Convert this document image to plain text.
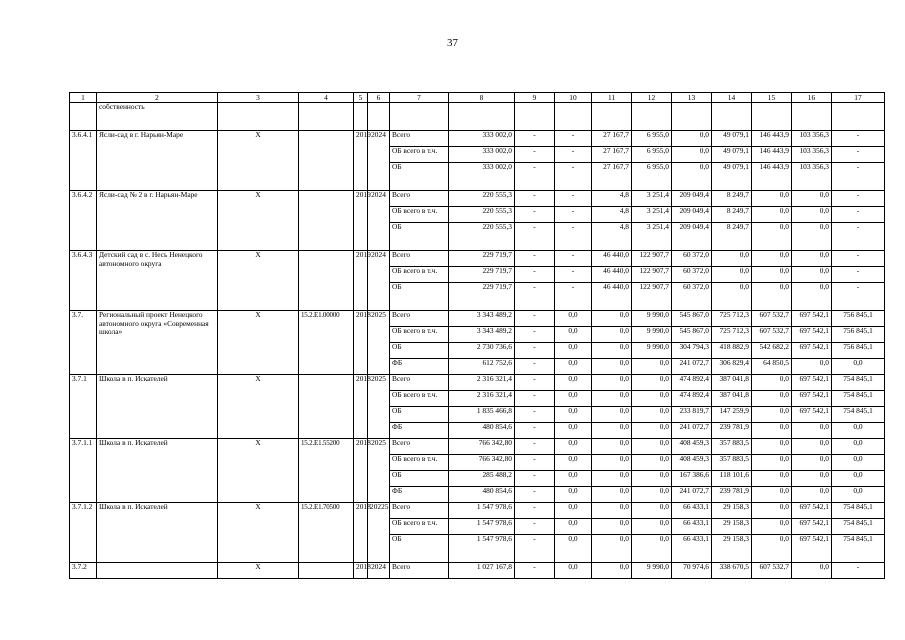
37
1	2	3	4	5	6	7	8	9	10	11	12	13	14	15	16	17
	собственность															
3.6.4.1	Ясли-сад в г. Нарьян-Маре	Х		2019	2024	Всего	333 002,0	-	-	27 167,7	6 955,0	0,0	49 079,1	146 443,9	103 356,3	-
						ОБ всего в т.ч.	333 002,0	-	-	27 167,7	6 955,0	0,0	49 079,1	146 443,9	103 356,3	-
						ОБ	333 002,0	-	-	27 167,7	6 955,0	0,0	49 079,1	146 443,9	103 356,3	-
3.6.4.2	Ясли-сад № 2 в г. Нарьян-Маре	Х		2019	2024	Всего	220 555,3	-	-	4,8	3 251,4	209 049,4	8 249,7	0,0	0,0	-
						ОБ всего в т.ч.	220 555,3	-	-	4,8	3 251,4	209 049,4	8 249,7	0,0	0,0	-
						ОБ	220 555,3	-	-	4,8	3 251,4	209 049,4	8 249,7	0,0	0,0	-
3.6.4.3	Детский сад в с. Несь Ненецкого автономного округа	Х		2019	2024	Всего	229 719,7	-	-	46 440,0	122 907,7	60 372,0	0,0	0,0	0,0	-
						ОБ всего в т.ч.	229 719,7	-	-	46 440,0	122 907,7	60 372,0	0,0	0,0	0,0	-
						ОБ	229 719,7	-	-	46 440,0	122 907,7	60 372,0	0,0	0,0	0,0	-
3.7.	Региональный проект Ненецкого автономного округа «Современная школа»	Х	15.2.Е1.00000	2018	2025	Всего	3 343 489,2	-	0,0	0,0	9 990,0	545 867,0	725 712,3	607 532,7	697 542,1	756 845,1
						ОБ всего в т.ч.	3 343 489,2	-	0,0	0,0	9 990,0	545 867,0	725 712,3	607 532,7	697 542,1	756 845,1
						ОБ	2 730 736,6	-	0,0	0,0	9 990,0	304 794,3	418 882,9	542 682,2	697 542,1	756 845,1
						ФБ	612 752,6	-	0,0	0,0	0,0	241 072,7	306 829,4	64 850,5	0,0	0,0
3.7.1	Школа в п. Искателей	Х		2018	2025	Всего	2 316 321,4	-	0,0	0,0	0,0	474 892,4	387 041,8	0,0	697 542,1	754 845,1
						ОБ всего в т.ч.	2 316 321,4	-	0,0	0,0	0,0	474 892,4	387 041,8	0,0	697 542,1	754 845,1
						ОБ	1 835 466,8	-	0,0	0,0	0,0	233 819,7	147 259,9	0,0	697 542,1	754 845,1
						ФБ	480 854,6	-	0,0	0,0	0,0	241 072,7	239 781,9	0,0	0,0	0,0
3.7.1.1	Школа в п. Искателей	Х	15.2.Е1.55200	2018	2025	Всего	766 342,80	-	0,0	0,0	0,0	408 459,3	357 883,5	0,0	0,0	0,0
						ОБ всего в т.ч.	766 342,80	-	0,0	0,0	0,0	408 459,3	357 883,5	0,0	0,0	0,0
						ОБ	285 488,2	-	0,0	0,0	0,0	167 386,6	118 101,6	0,0	0,0	0,0
						ФБ	480 854,6	-	0,0	0,0	0,0	241 072,7	239 781,9	0,0	0,0	0,0
3.7.1.2	Школа в п. Искателей	Х	15.2.Е1.70500	2018	20225	Всего	1 547 978,6	-	0,0	0,0	0,0	66 433,1	29 158,3	0,0	697 542,1	754 845,1
						ОБ всего в т.ч.	1 547 978,6	-	0,0	0,0	0,0	66 433,1	29 158,3	0,0	697 542,1	754 845,1
						ОБ	1 547 978,6	-	0,0	0,0	0,0	66 433,1	29 158,3	0,0	697 542,1	754 845,1
3.7.2		Х		2018	2024	Всего	1 027 167,8	-	0,0	0,0	9 990,0	70 974,6	338 670,5	607 532,7	0,0	-
